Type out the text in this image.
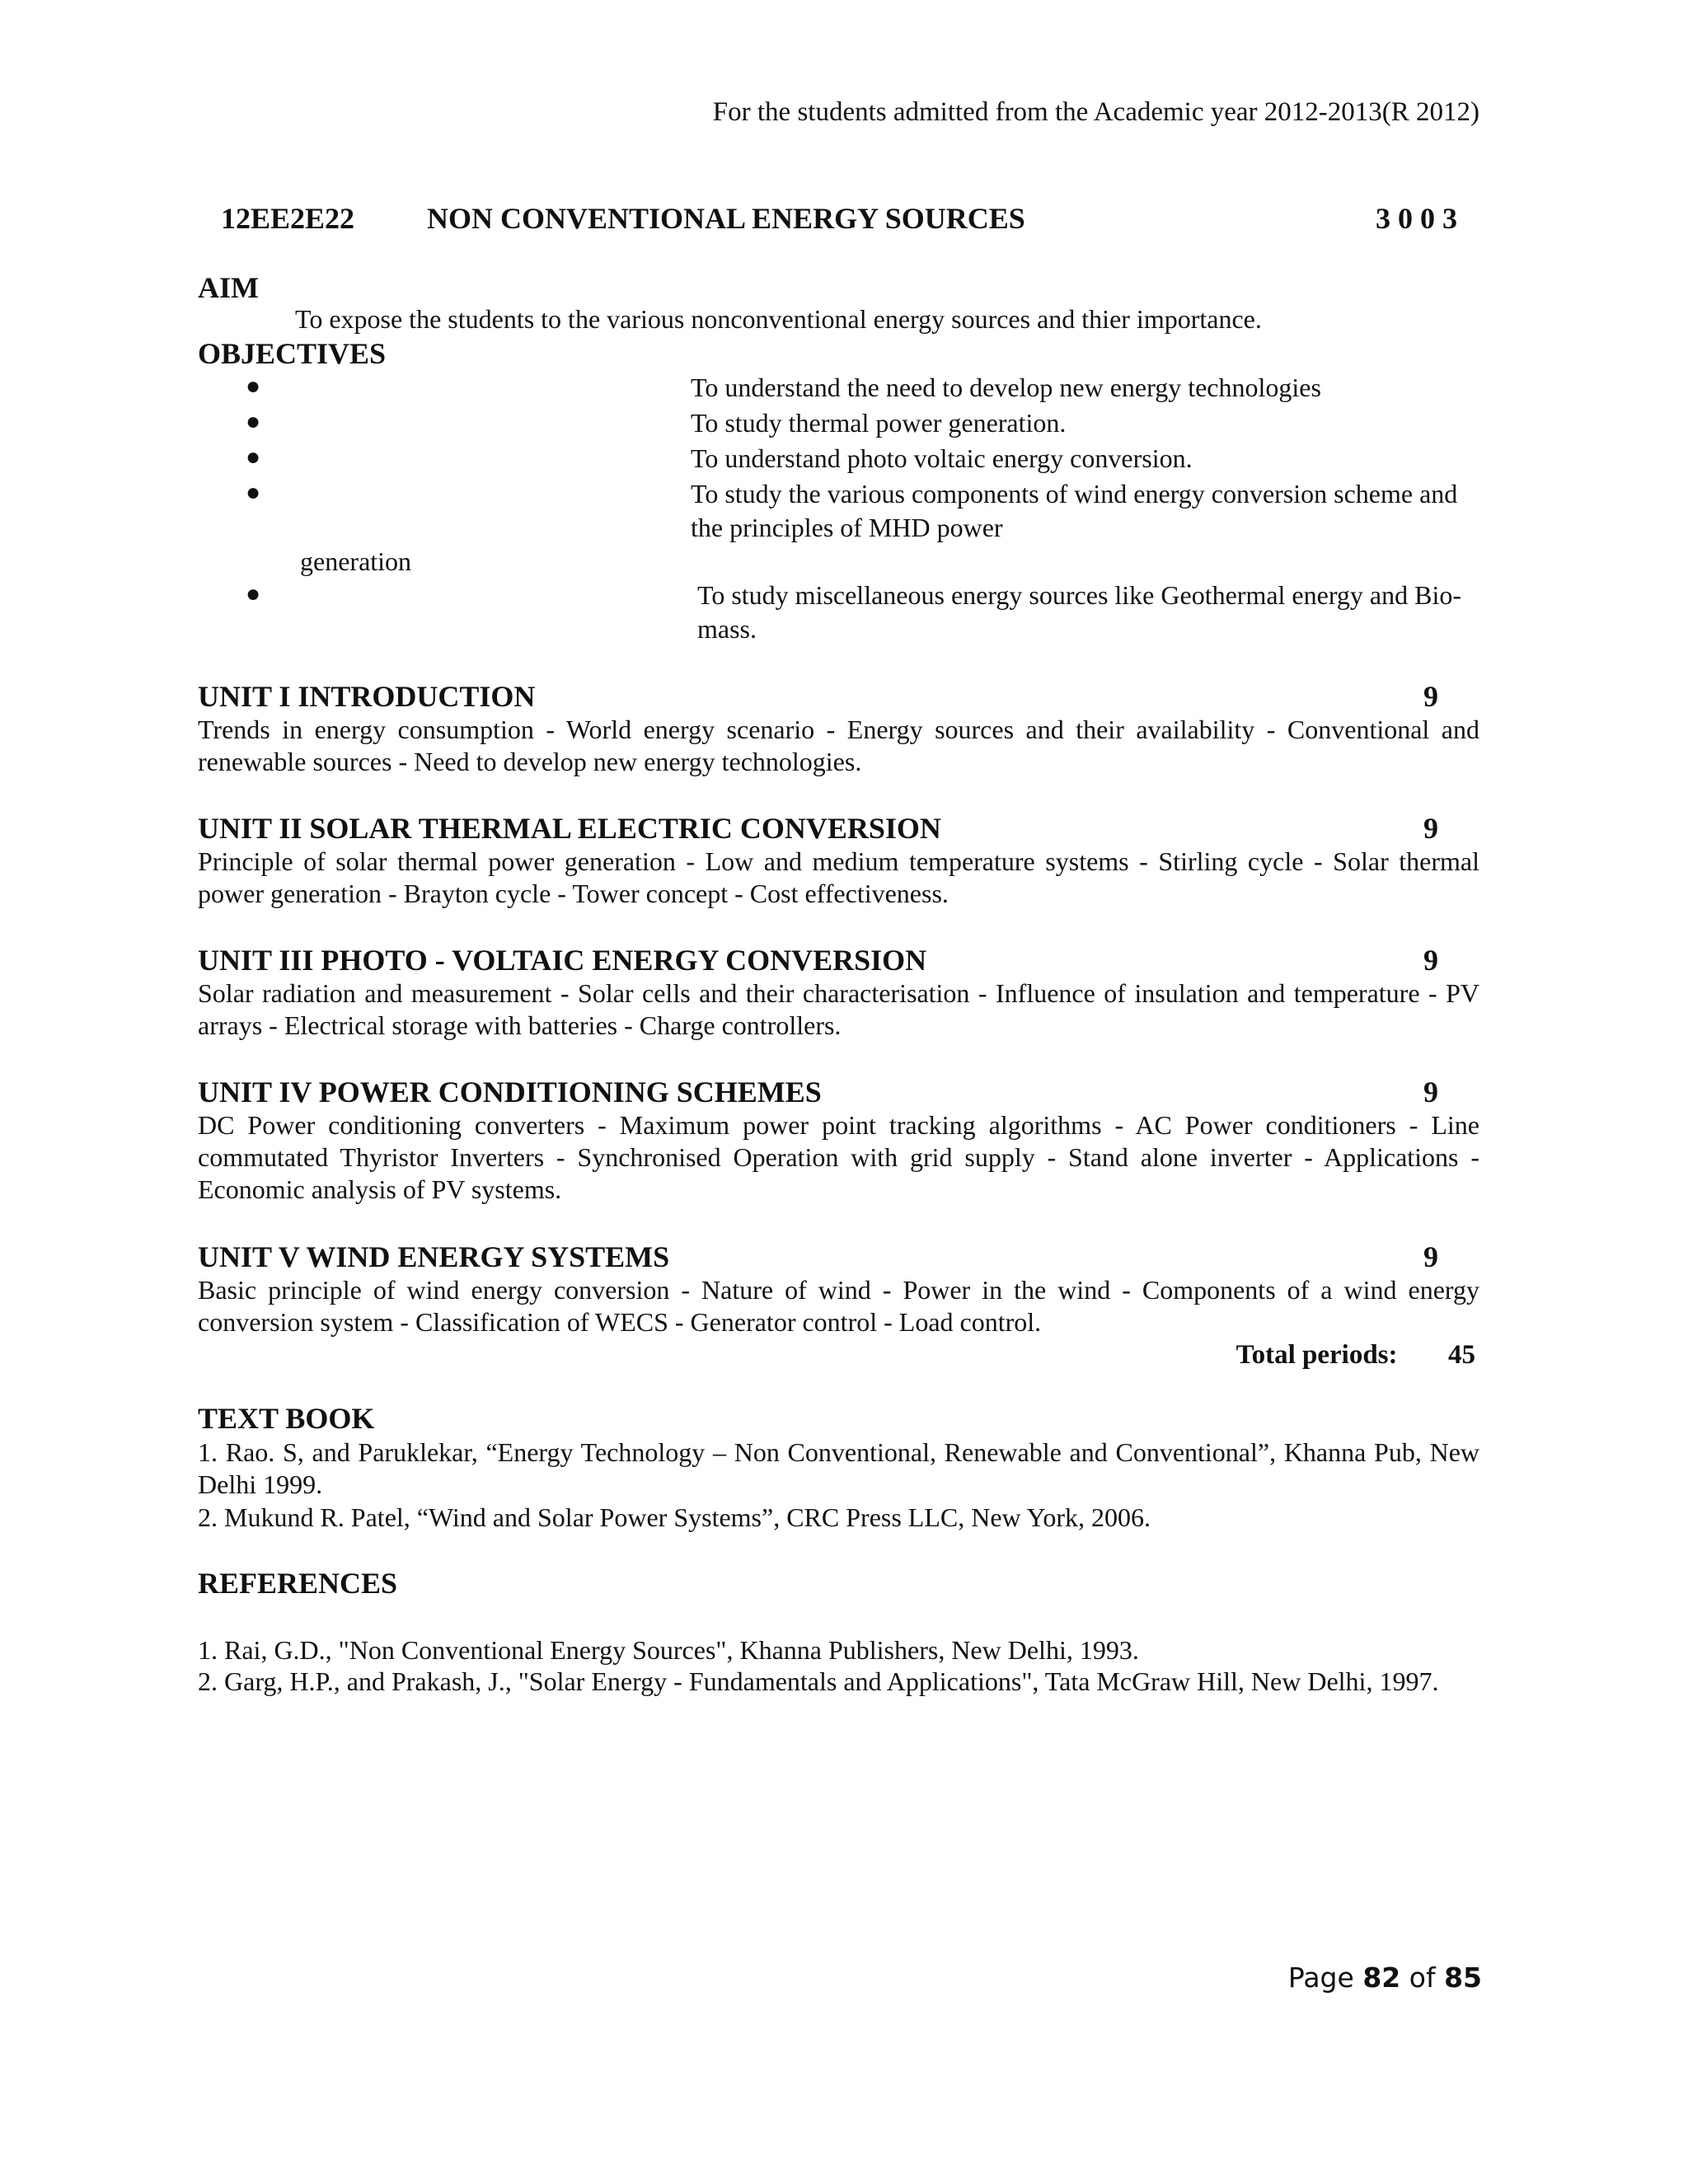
For the students admitted from the Academic year 2012-2013(R 2012)
12EE2E22 NON CONVENTIONAL ENERGY SOURCES	3 0 0 3
AIM
To expose the students to the various nonconventional energy sources and thier importance.
OBJECTIVES
●	To understand the need to develop new energy technologies
●	To study thermal power generation.
●	To understand photo voltaic energy conversion.
●	To study the various components of wind energy conversion scheme and the principles of MHD power
generation
●	To study miscellaneous energy sources like Geothermal energy and Bio-mass.
UNIT I INTRODUCTION	9
Trends in energy consumption - World energy scenario - Energy sources and their availability - Conventional and renewable sources - Need to develop new energy technologies.
UNIT II SOLAR THERMAL ELECTRIC CONVERSION	9
Principle of solar thermal power generation - Low and medium temperature systems - Stirling cycle - Solar thermal power generation - Brayton cycle - Tower concept - Cost effectiveness.
UNIT III PHOTO - VOLTAIC ENERGY CONVERSION	9
Solar radiation and measurement - Solar cells and their characterisation - Influence of insulation and temperature - PV arrays - Electrical storage with batteries - Charge controllers.
UNIT IV POWER CONDITIONING SCHEMES	9
DC Power conditioning converters - Maximum power point tracking algorithms - AC Power conditioners - Line commutated Thyristor Inverters - Synchronised Operation with grid supply - Stand alone inverter - Applications - Economic analysis of PV systems.
UNIT V WIND ENERGY SYSTEMS	9
Basic principle of wind energy conversion - Nature of wind - Power in the wind - Components of a wind energy conversion system - Classification of WECS - Generator control - Load control.
Total periods: 45
TEXT BOOK
1. Rao. S, and Paruklekar, “Energy Technology – Non Conventional, Renewable and Conventional”, Khanna Pub, New Delhi 1999.
2. Mukund R. Patel, “Wind and Solar Power Systems”, CRC Press LLC, New York, 2006.
REFERENCES
1. Rai, G.D., "Non Conventional Energy Sources", Khanna Publishers, New Delhi, 1993.
2. Garg, H.P., and Prakash, J., "Solar Energy - Fundamentals and Applications", Tata McGraw Hill, New Delhi, 1997.
Page 82 of 85
